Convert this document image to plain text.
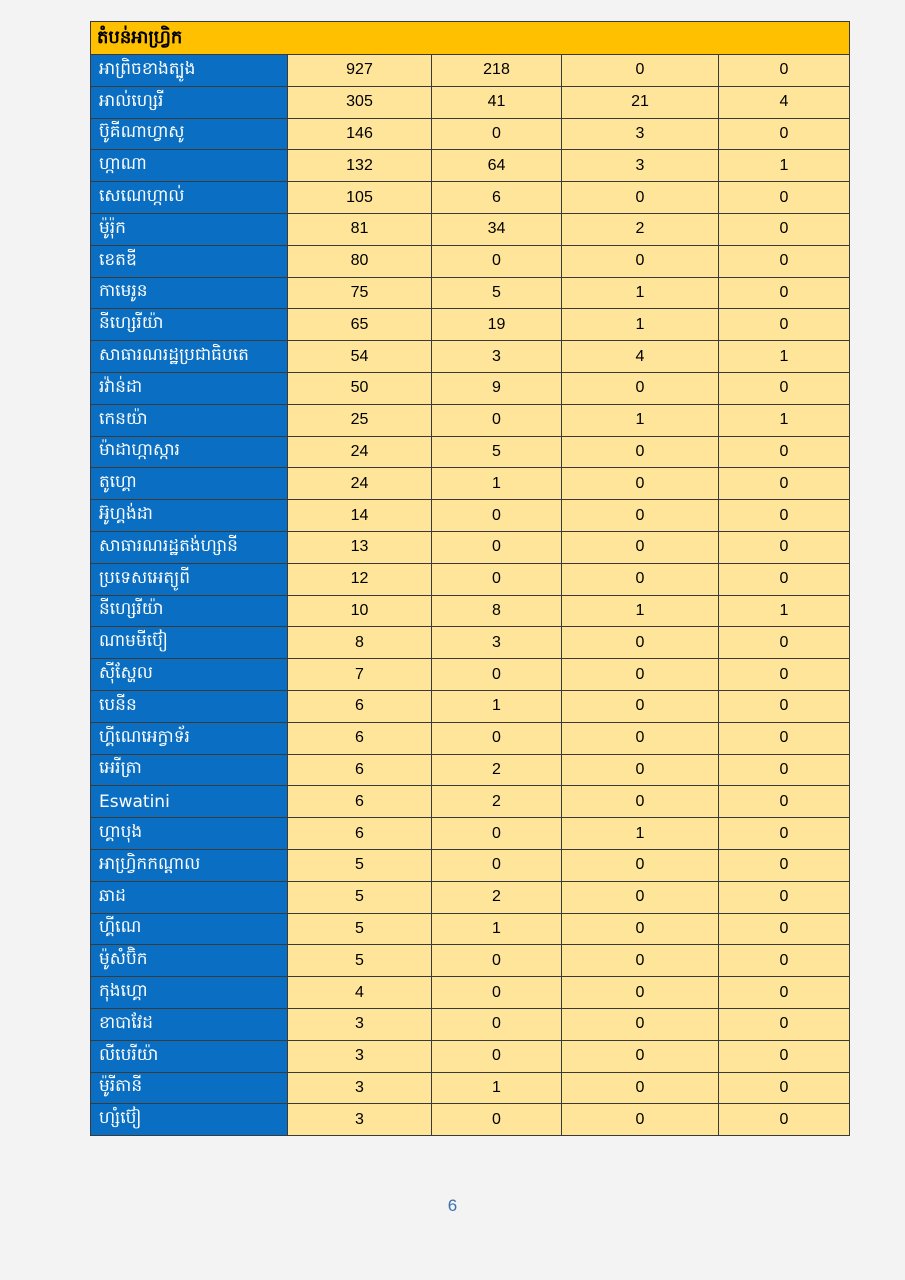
តំបន់អាហ្វ្រិក				
អាព្រិចខាងត្បូង	927	218	0	0
អាល់ហ្សេរី	305	41	21	4
ប៊ូគីណាហ្វាសូ	146	0	3	0
ហ្កាណា	132	64	3	1
សេណេហ្កាល់	105	6	0	0
ម៉ូរ៉ុក	81	34	2	0
ខេតឌី	80	0	0	0
កាមេរូន	75	5	1	0
នីហ្សេរីយ៉ា	65	19	1	0
សាធារណរដ្ឋប្រជាធិបតេ	54	3	4	1
រវ៉ាន់ដា	50	9	0	0
កេនយ៉ា	25	0	1	1
ម៉ាដាហ្កាស្ការ	24	5	0	0
តូហ្គោ	24	1	0	0
អ៊ូហ្គង់ដា	14	0	0	0
សាធារណរដ្ឋតង់ហ្សានី	13	0	0	0
ប្រទេសអេត្យូពី	12	0	0	0
នីហ្សេរីយ៉ា	10	8	1	1
ណាមមីប៊ៀ	8	3	0	0
ស៊ីស្ហែល	7	0	0	0
បេនីន	6	1	0	0
ហ្គីណេអេក្វាទ័រ	6	0	0	0
អេរីត្រា	6	2	0	0
Eswatini	6	2	0	0
ហ្គាបុង	6	0	1	0
អាហ្វ្រិកកណ្ដាល	5	0	0	0
ឆាដ	5	2	0	0
ហ្គីណេ	5	1	0	0
ម៉ូសំប៊ិក	5	0	0	0
កុងហ្គោ	4	0	0	0
ខាបាវែដ	3	0	0	0
លីបេរីយ៉ា	3	0	0	0
ម៉ូរីតានី	3	1	0	0
ហ្សំប៊ៀ	3	0	0	0
6
